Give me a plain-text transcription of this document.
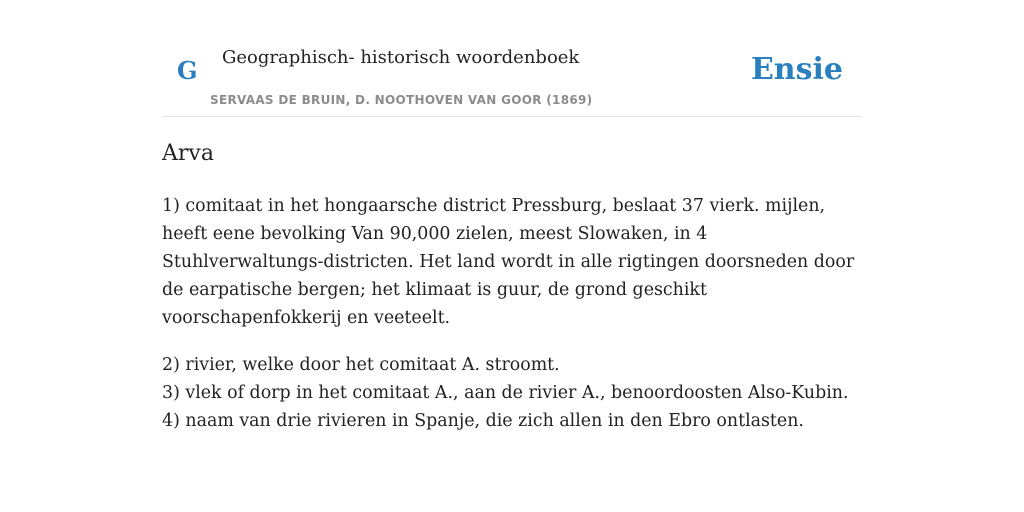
G Geographisch- historisch woordenboek
SERVAAS DE BRUIN, D. NOOTHOVEN VAN GOOR (1869)
Ensie
Arva

1) comitaat in het hongaarsche district Pressburg, beslaat 37 vierk. mijlen, heeft eene bevolking Van 90,000 zielen, meest Slowaken, in 4 Stuhlverwaltungs-districten. Het land wordt in alle rigtingen doorsneden door de earpatische bergen; het klimaat is guur, de grond geschikt voorschapenfokkerij en veeteelt.

2) rivier, welke door het comitaat A. stroomt.
3) vlek of dorp in het comitaat A., aan de rivier A., benoordoosten Also-Kubin.
4) naam van drie rivieren in Spanje, die zich allen in den Ebro ontlasten.
